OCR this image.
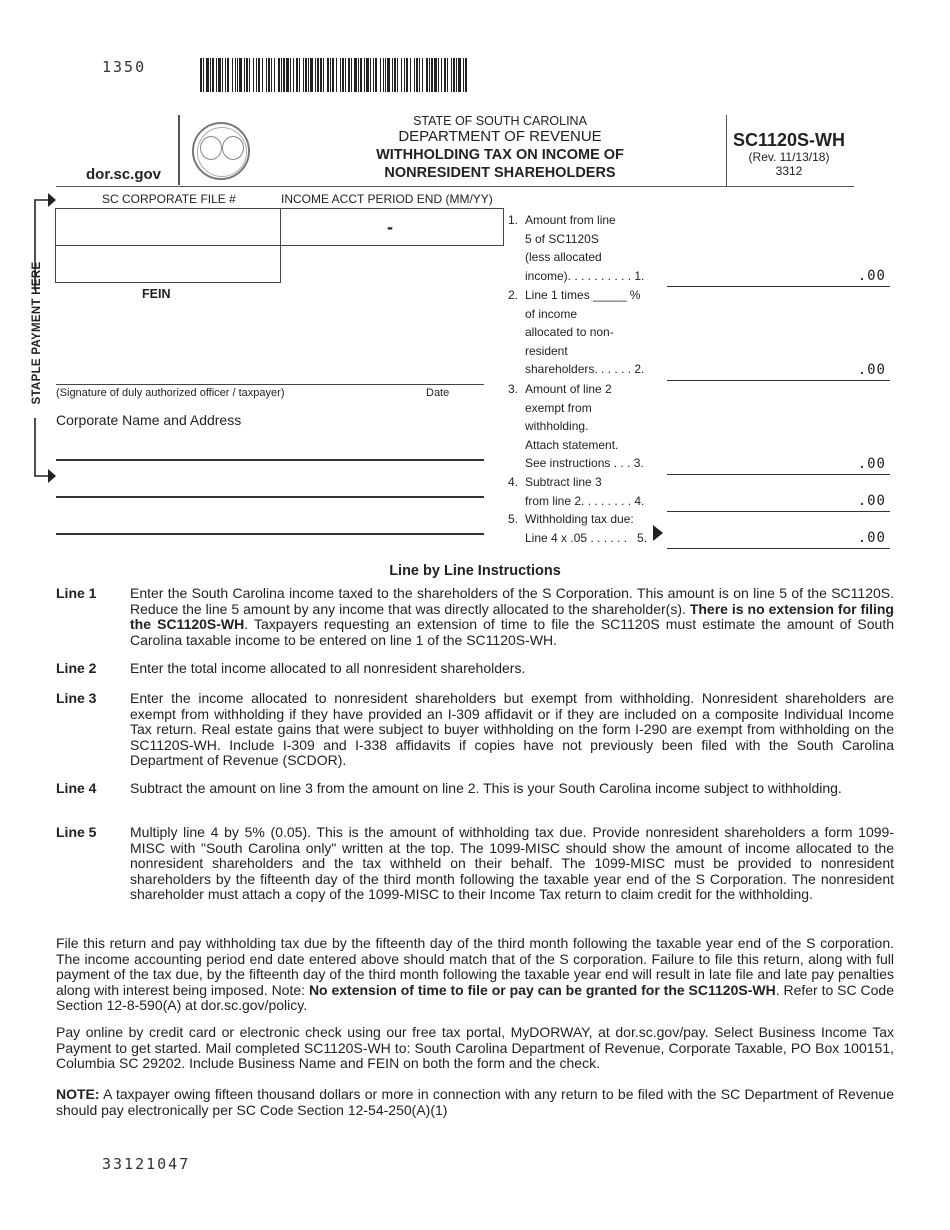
1350
dor.sc.gov
STATE OF SOUTH CAROLINA
DEPARTMENT OF REVENUE
WITHHOLDING TAX ON INCOME OF
NONRESIDENT SHAREHOLDERS
SC1120S-WH
(Rev. 11/13/18)
3312
STAPLE PAYMENT HERE
SC CORPORATE FILE #	INCOME ACCT PERIOD END (MM/YY)
-
FEIN
(Signature of duly authorized officer / taxpayer)	Date
Corporate Name and Address
1. Amount from line
5 of SC1120S
(less allocated
income). . . . . . . . . . 1.	.00
2. Line 1 times _____ %
of income
allocated to non-
resident
shareholders. . . . . . 2.	.00
3. Amount of line 2
exempt from
withholding.
Attach statement.
See instructions . . . 3.	.00
4. Subtract line 3
from line 2. . . . . . . . 4.	.00
5. Withholding tax due:
Line 4 x .05 . . . . . .   5.	.00
Line by Line Instructions
Line 1 Enter the South Carolina income taxed to the shareholders of the S Corporation. This amount is on line 5 of the SC1120S. Reduce the line 5 amount by any income that was directly allocated to the shareholder(s). There is no extension for filing the SC1120S-WH. Taxpayers requesting an extension of time to file the SC1120S must estimate the amount of South Carolina taxable income to be entered on line 1 of the SC1120S-WH.
Line 2 Enter the total income allocated to all nonresident shareholders.
Line 3 Enter the income allocated to nonresident shareholders but exempt from withholding. Nonresident shareholders are exempt from withholding if they have provided an I-309 affidavit or if they are included on a composite Individual Income Tax return. Real estate gains that were subject to buyer withholding on the form I-290 are exempt from withholding on the SC1120S-WH. Include I-309 and I-338 affidavits if copies have not previously been filed with the South Carolina Department of Revenue (SCDOR).
Line 4 Subtract the amount on line 3 from the amount on line 2. This is your South Carolina income subject to withholding.
Line 5 Multiply line 4 by 5% (0.05). This is the amount of withholding tax due. Provide nonresident shareholders a form 1099-MISC with "South Carolina only" written at the top. The 1099-MISC should show the amount of income allocated to the nonresident shareholders and the tax withheld on their behalf. The 1099-MISC must be provided to nonresident shareholders by the fifteenth day of the third month following the taxable year end of the S Corporation. The nonresident shareholder must attach a copy of the 1099-MISC to their Income Tax return to claim credit for the withholding.
File this return and pay withholding tax due by the fifteenth day of the third month following the taxable year end of the S corporation. The income accounting period end date entered above should match that of the S corporation. Failure to file this return, along with full payment of the tax due, by the fifteenth day of the third month following the taxable year end will result in late file and late pay penalties along with interest being imposed. Note: No extension of time to file or pay can be granted for the SC1120S-WH. Refer to SC Code Section 12-8-590(A) at dor.sc.gov/policy.
Pay online by credit card or electronic check using our free tax portal, MyDORWAY, at dor.sc.gov/pay. Select Business Income Tax Payment to get started. Mail completed SC1120S-WH to: South Carolina Department of Revenue, Corporate Taxable, PO Box 100151, Columbia SC 29202. Include Business Name and FEIN on both the form and the check.
NOTE: A taxpayer owing fifteen thousand dollars or more in connection with any return to be filed with the SC Department of Revenue should pay electronically per SC Code Section 12-54-250(A)(1)
33121047
